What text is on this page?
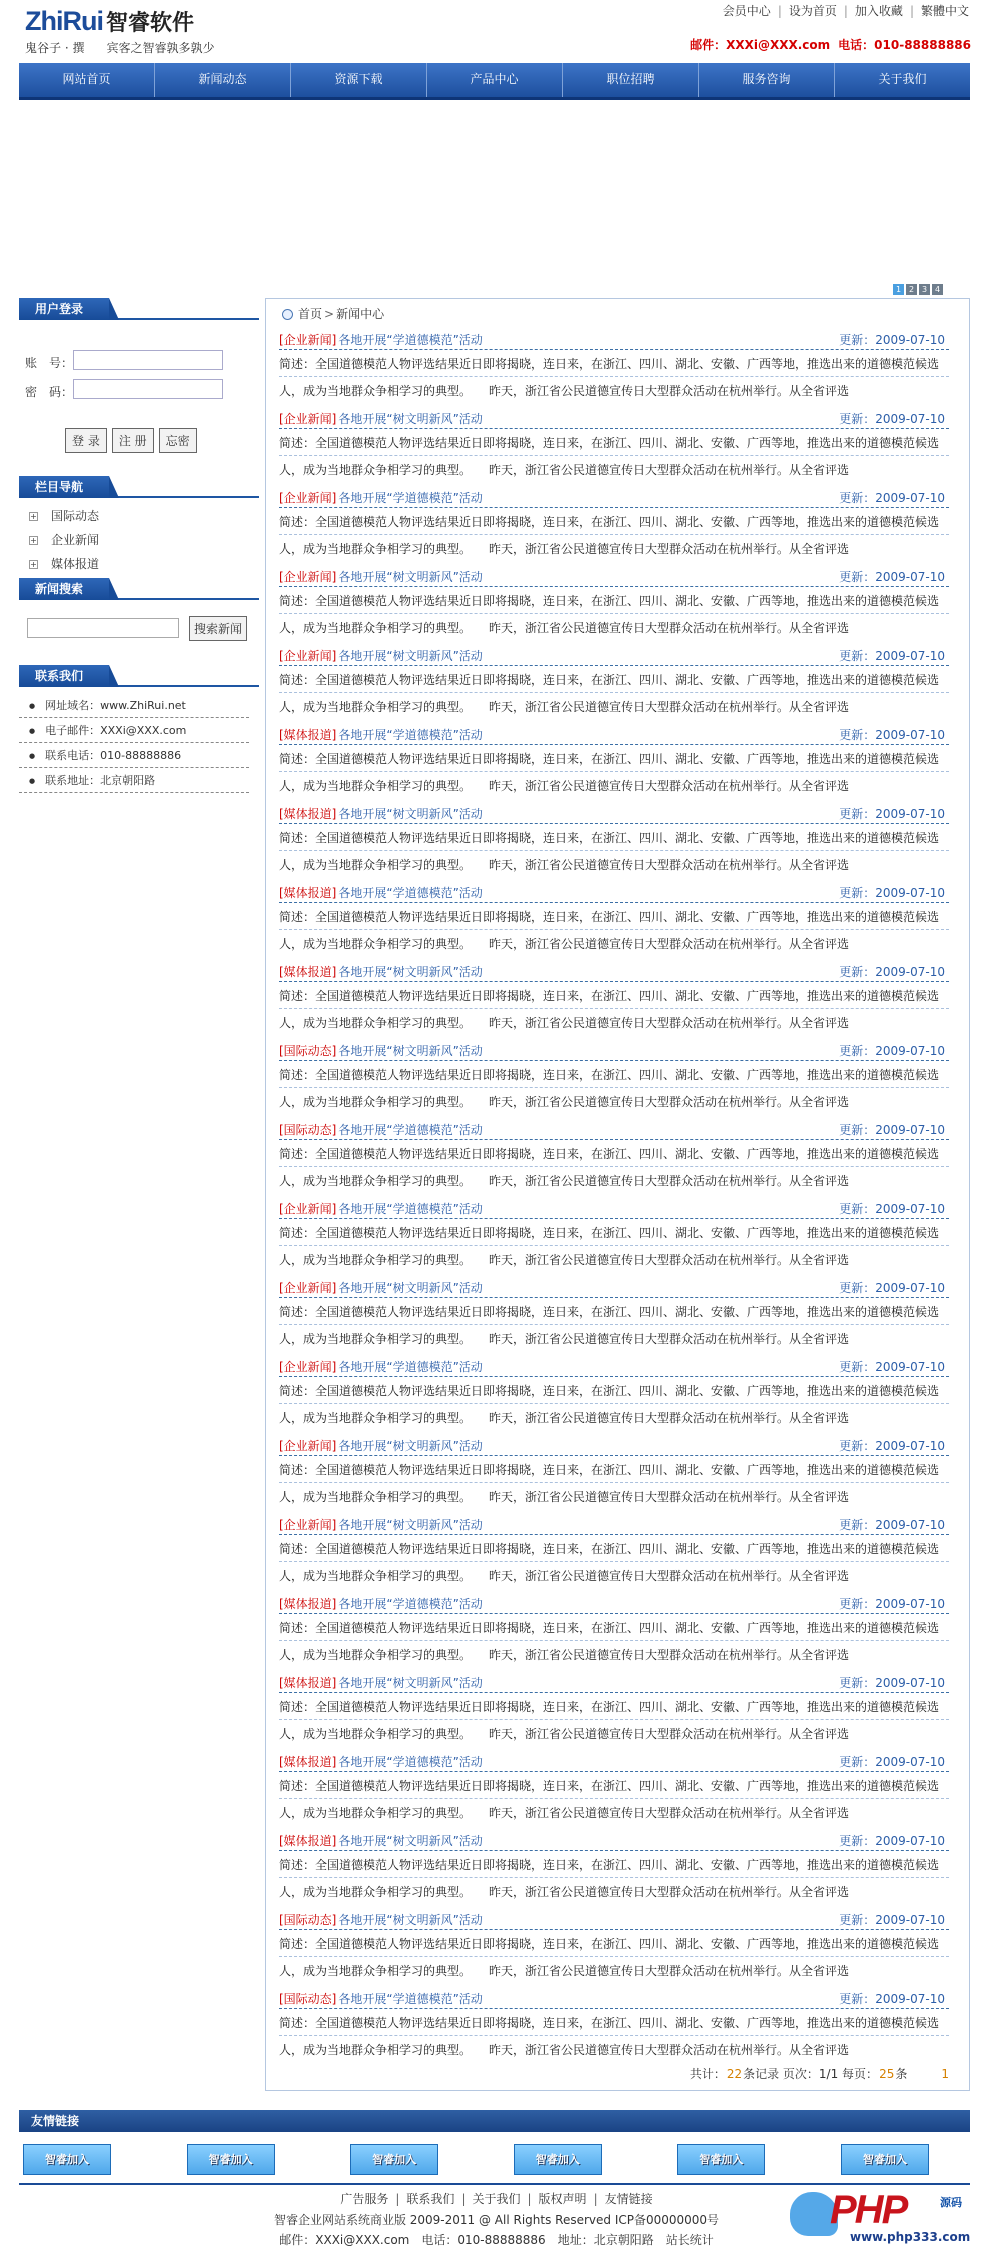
ZhiRui 智睿软件
鬼谷子 · 撰 宾客之智睿孰多孰少
会员中心 | 设为首页 | 加入收藏 | 繁體中文
邮件：XXXi@XXX.com 电话：010-88888886
网站首页	新闻动态	资源下载	产品中心	职位招聘	服务咨询	关于我们
1 2 3 4
用户登录
账　号：
密　码：
登 录	注 册	忘密
栏目导航
+ 国际动态
+ 企业新闻
+ 媒体报道
新闻搜索
搜索新闻
联系我们
● 网址域名：www.ZhiRui.net
● 电子邮件：XXXi@XXX.com
● 联系电话：010-88888886
● 联系地址：北京朝阳路
首页 > 新闻中心
[企业新闻] 各地开展“学道德模范”活动	更新：2009-07-10
简述：全国道德模范人物评选结果近日即将揭晓，连日来，在浙江、四川、湖北、安徽、广西等地，推选出来的道德模范候选
人，成为当地群众争相学习的典型。　　昨天，浙江省公民道德宣传日大型群众活动在杭州举行。从全省评选
[企业新闻] 各地开展“树文明新风”活动	更新：2009-07-10
简述：全国道德模范人物评选结果近日即将揭晓，连日来，在浙江、四川、湖北、安徽、广西等地，推选出来的道德模范候选
人，成为当地群众争相学习的典型。　　昨天，浙江省公民道德宣传日大型群众活动在杭州举行。从全省评选
[企业新闻] 各地开展“学道德模范”活动	更新：2009-07-10
简述：全国道德模范人物评选结果近日即将揭晓，连日来，在浙江、四川、湖北、安徽、广西等地，推选出来的道德模范候选
人，成为当地群众争相学习的典型。　　昨天，浙江省公民道德宣传日大型群众活动在杭州举行。从全省评选
[企业新闻] 各地开展“树文明新风”活动	更新：2009-07-10
简述：全国道德模范人物评选结果近日即将揭晓，连日来，在浙江、四川、湖北、安徽、广西等地，推选出来的道德模范候选
人，成为当地群众争相学习的典型。　　昨天，浙江省公民道德宣传日大型群众活动在杭州举行。从全省评选
[企业新闻] 各地开展“树文明新风”活动	更新：2009-07-10
简述：全国道德模范人物评选结果近日即将揭晓，连日来，在浙江、四川、湖北、安徽、广西等地，推选出来的道德模范候选
人，成为当地群众争相学习的典型。　　昨天，浙江省公民道德宣传日大型群众活动在杭州举行。从全省评选
[媒体报道] 各地开展“学道德模范”活动	更新：2009-07-10
简述：全国道德模范人物评选结果近日即将揭晓，连日来，在浙江、四川、湖北、安徽、广西等地，推选出来的道德模范候选
人，成为当地群众争相学习的典型。　　昨天，浙江省公民道德宣传日大型群众活动在杭州举行。从全省评选
[媒体报道] 各地开展“树文明新风”活动	更新：2009-07-10
简述：全国道德模范人物评选结果近日即将揭晓，连日来，在浙江、四川、湖北、安徽、广西等地，推选出来的道德模范候选
人，成为当地群众争相学习的典型。　　昨天，浙江省公民道德宣传日大型群众活动在杭州举行。从全省评选
[媒体报道] 各地开展“学道德模范”活动	更新：2009-07-10
简述：全国道德模范人物评选结果近日即将揭晓，连日来，在浙江、四川、湖北、安徽、广西等地，推选出来的道德模范候选
人，成为当地群众争相学习的典型。　　昨天，浙江省公民道德宣传日大型群众活动在杭州举行。从全省评选
[媒体报道] 各地开展“树文明新风”活动	更新：2009-07-10
简述：全国道德模范人物评选结果近日即将揭晓，连日来，在浙江、四川、湖北、安徽、广西等地，推选出来的道德模范候选
人，成为当地群众争相学习的典型。　　昨天，浙江省公民道德宣传日大型群众活动在杭州举行。从全省评选
[国际动态] 各地开展“树文明新风”活动	更新：2009-07-10
简述：全国道德模范人物评选结果近日即将揭晓，连日来，在浙江、四川、湖北、安徽、广西等地，推选出来的道德模范候选
人，成为当地群众争相学习的典型。　　昨天，浙江省公民道德宣传日大型群众活动在杭州举行。从全省评选
[国际动态] 各地开展“学道德模范”活动	更新：2009-07-10
简述：全国道德模范人物评选结果近日即将揭晓，连日来，在浙江、四川、湖北、安徽、广西等地，推选出来的道德模范候选
人，成为当地群众争相学习的典型。　　昨天，浙江省公民道德宣传日大型群众活动在杭州举行。从全省评选
[企业新闻] 各地开展“学道德模范”活动	更新：2009-07-10
简述：全国道德模范人物评选结果近日即将揭晓，连日来，在浙江、四川、湖北、安徽、广西等地，推选出来的道德模范候选
人，成为当地群众争相学习的典型。　　昨天，浙江省公民道德宣传日大型群众活动在杭州举行。从全省评选
[企业新闻] 各地开展“树文明新风”活动	更新：2009-07-10
简述：全国道德模范人物评选结果近日即将揭晓，连日来，在浙江、四川、湖北、安徽、广西等地，推选出来的道德模范候选
人，成为当地群众争相学习的典型。　　昨天，浙江省公民道德宣传日大型群众活动在杭州举行。从全省评选
[企业新闻] 各地开展“学道德模范”活动	更新：2009-07-10
简述：全国道德模范人物评选结果近日即将揭晓，连日来，在浙江、四川、湖北、安徽、广西等地，推选出来的道德模范候选
人，成为当地群众争相学习的典型。　　昨天，浙江省公民道德宣传日大型群众活动在杭州举行。从全省评选
[企业新闻] 各地开展“树文明新风”活动	更新：2009-07-10
简述：全国道德模范人物评选结果近日即将揭晓，连日来，在浙江、四川、湖北、安徽、广西等地，推选出来的道德模范候选
人，成为当地群众争相学习的典型。　　昨天，浙江省公民道德宣传日大型群众活动在杭州举行。从全省评选
[企业新闻] 各地开展“树文明新风”活动	更新：2009-07-10
简述：全国道德模范人物评选结果近日即将揭晓，连日来，在浙江、四川、湖北、安徽、广西等地，推选出来的道德模范候选
人，成为当地群众争相学习的典型。　　昨天，浙江省公民道德宣传日大型群众活动在杭州举行。从全省评选
[媒体报道] 各地开展“学道德模范”活动	更新：2009-07-10
简述：全国道德模范人物评选结果近日即将揭晓，连日来，在浙江、四川、湖北、安徽、广西等地，推选出来的道德模范候选
人，成为当地群众争相学习的典型。　　昨天，浙江省公民道德宣传日大型群众活动在杭州举行。从全省评选
[媒体报道] 各地开展“树文明新风”活动	更新：2009-07-10
简述：全国道德模范人物评选结果近日即将揭晓，连日来，在浙江、四川、湖北、安徽、广西等地，推选出来的道德模范候选
人，成为当地群众争相学习的典型。　　昨天，浙江省公民道德宣传日大型群众活动在杭州举行。从全省评选
[媒体报道] 各地开展“学道德模范”活动	更新：2009-07-10
简述：全国道德模范人物评选结果近日即将揭晓，连日来，在浙江、四川、湖北、安徽、广西等地，推选出来的道德模范候选
人，成为当地群众争相学习的典型。　　昨天，浙江省公民道德宣传日大型群众活动在杭州举行。从全省评选
[媒体报道] 各地开展“树文明新风”活动	更新：2009-07-10
简述：全国道德模范人物评选结果近日即将揭晓，连日来，在浙江、四川、湖北、安徽、广西等地，推选出来的道德模范候选
人，成为当地群众争相学习的典型。　　昨天，浙江省公民道德宣传日大型群众活动在杭州举行。从全省评选
[国际动态] 各地开展“树文明新风”活动	更新：2009-07-10
简述：全国道德模范人物评选结果近日即将揭晓，连日来，在浙江、四川、湖北、安徽、广西等地，推选出来的道德模范候选
人，成为当地群众争相学习的典型。　　昨天，浙江省公民道德宣传日大型群众活动在杭州举行。从全省评选
[国际动态] 各地开展“学道德模范”活动	更新：2009-07-10
简述：全国道德模范人物评选结果近日即将揭晓，连日来，在浙江、四川、湖北、安徽、广西等地，推选出来的道德模范候选
人，成为当地群众争相学习的典型。　　昨天，浙江省公民道德宣传日大型群众活动在杭州举行。从全省评选
共计：22条记录 页次：1/1 每页：25条	1
友情链接
智睿加入	智睿加入	智睿加入	智睿加入	智睿加入	智睿加入
广告服务 | 联系我们 | 关于我们 | 版权声明 | 友情链接
智睿企业网站系统商业版 2009-2011 @ All Rights Reserved ICP备00000000号
邮件：XXXi@XXX.com 电话：010-88888886 地址：北京朝阳路 站长统计
PHP	源码
www.php333.com
